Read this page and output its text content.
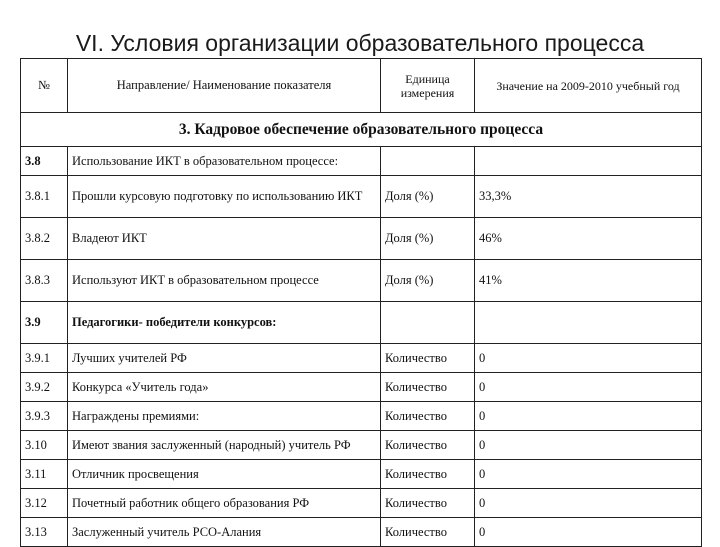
VI. Условия организации образовательного процесса
№	Направление/ Наименование показателя	Единица измерения	Значение на 2009-2010 учебный год
3. Кадровое обеспечение образовательного процесса			
3.8	Использование ИКТ в образовательном процессе:		
3.8.1	Прошли курсовую подготовку по использованию ИКТ	Доля (%)	33,3%
3.8.2	Владеют ИКТ	Доля (%)	46%
3.8.3	Используют ИКТ в образовательном процессе	Доля (%)	41%
3.9	Педагогики- победители конкурсов:		
3.9.1	Лучших учителей РФ	Количество	0
3.9.2	Конкурса «Учитель года»	Количество	0
3.9.3	Награждены премиями:	Количество	0
3.10	Имеют звания заслуженный (народный) учитель РФ	Количество	0
3.11	Отличник просвещения	Количество	0
3.12	Почетный работник общего образования РФ	Количество	0
3.13	Заслуженный учитель РСО-Алания	Количество	0
